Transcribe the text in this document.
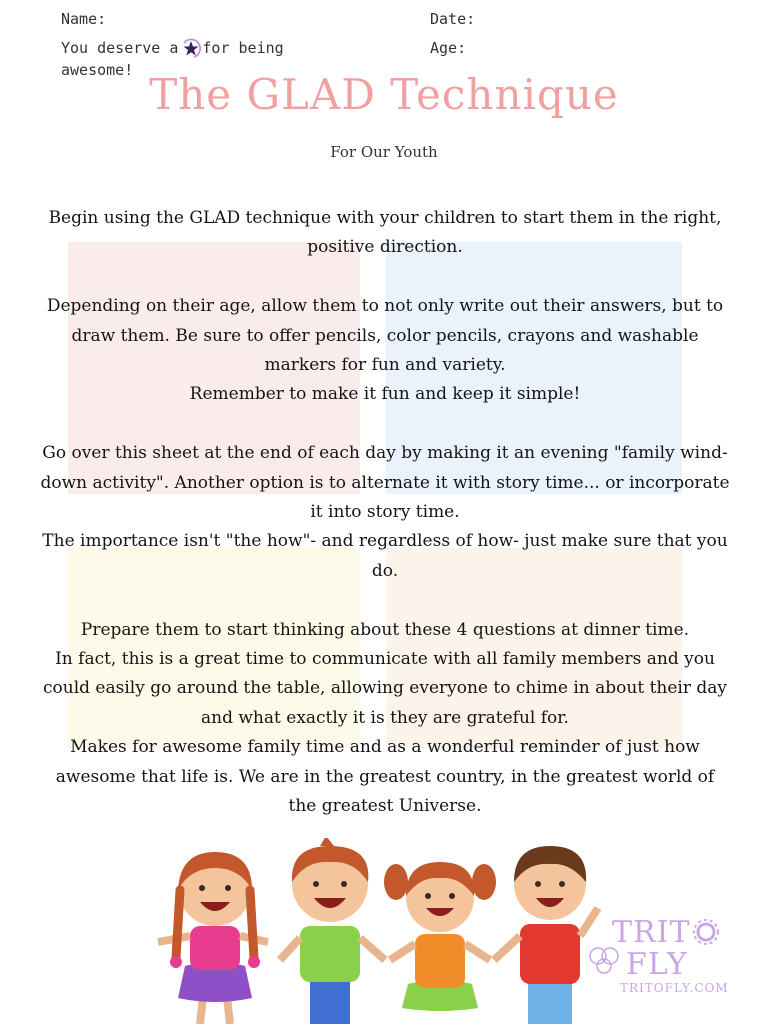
Name:	Date:
Age:
You deserve a for being awesome! The GLAD Technique
For Our Youth

Begin using the GLAD technique with your children to start them in the right, positive direction.

Depending on their age, allow them to not only write out their answers, but to draw them. Be sure to offer pencils, color pencils, crayons and washable markers for fun and variety.

Remember to make it fun and keep it simple!

Go over this sheet at the end of each day by making it an evening "family wind-down activity". Another option is to alternate it with story time... or incorporate it into story time.

The importance isn't "the how"- and regardless of how- just make sure that you do.

Prepare them to start thinking about these 4 questions at dinner time.

In fact, this is a great time to communicate with all family members and you could easily go around the table, allowing everyone to chime in about their day and what exactly it is they are grateful for.

Makes for awesome family time and as a wonderful reminder of just how awesome that life is. We are in the greatest country, in the greatest world of the greatest Universe.

TRIT
FLY
TRITOFLY.COM
